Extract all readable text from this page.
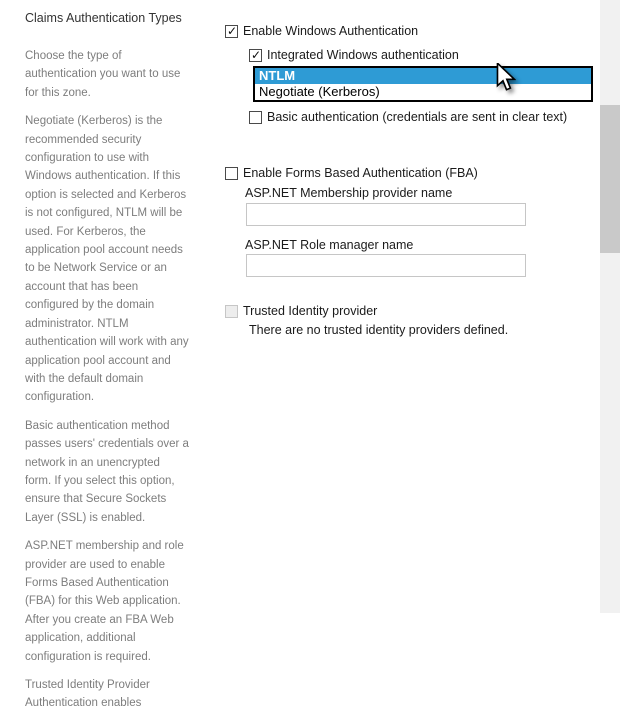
Claims Authentication Types

Choose the type of authentication you want to use for this zone.

Negotiate (Kerberos) is the recommended security configuration to use with Windows authentication. If this option is selected and Kerberos is not configured, NTLM will be used. For Kerberos, the application pool account needs to be Network Service or an account that has been configured by the domain administrator. NTLM authentication will work with any application pool account and with the default domain configuration.

Basic authentication method passes users' credentials over a network in an unencrypted form. If you select this option, ensure that Secure Sockets Layer (SSL) is enabled.

ASP.NET membership and role provider are used to enable Forms Based Authentication (FBA) for this Web application. After you create an FBA Web application, additional configuration is required.

Trusted Identity Provider Authentication enables

✓ Enable Windows Authentication
✓ Integrated Windows authentication
NTLM
Negotiate (Kerberos)
Basic authentication (credentials are sent in clear text)
Enable Forms Based Authentication (FBA)
ASP.NET Membership provider name
ASP.NET Role manager name
Trusted Identity provider
There are no trusted identity providers defined.
